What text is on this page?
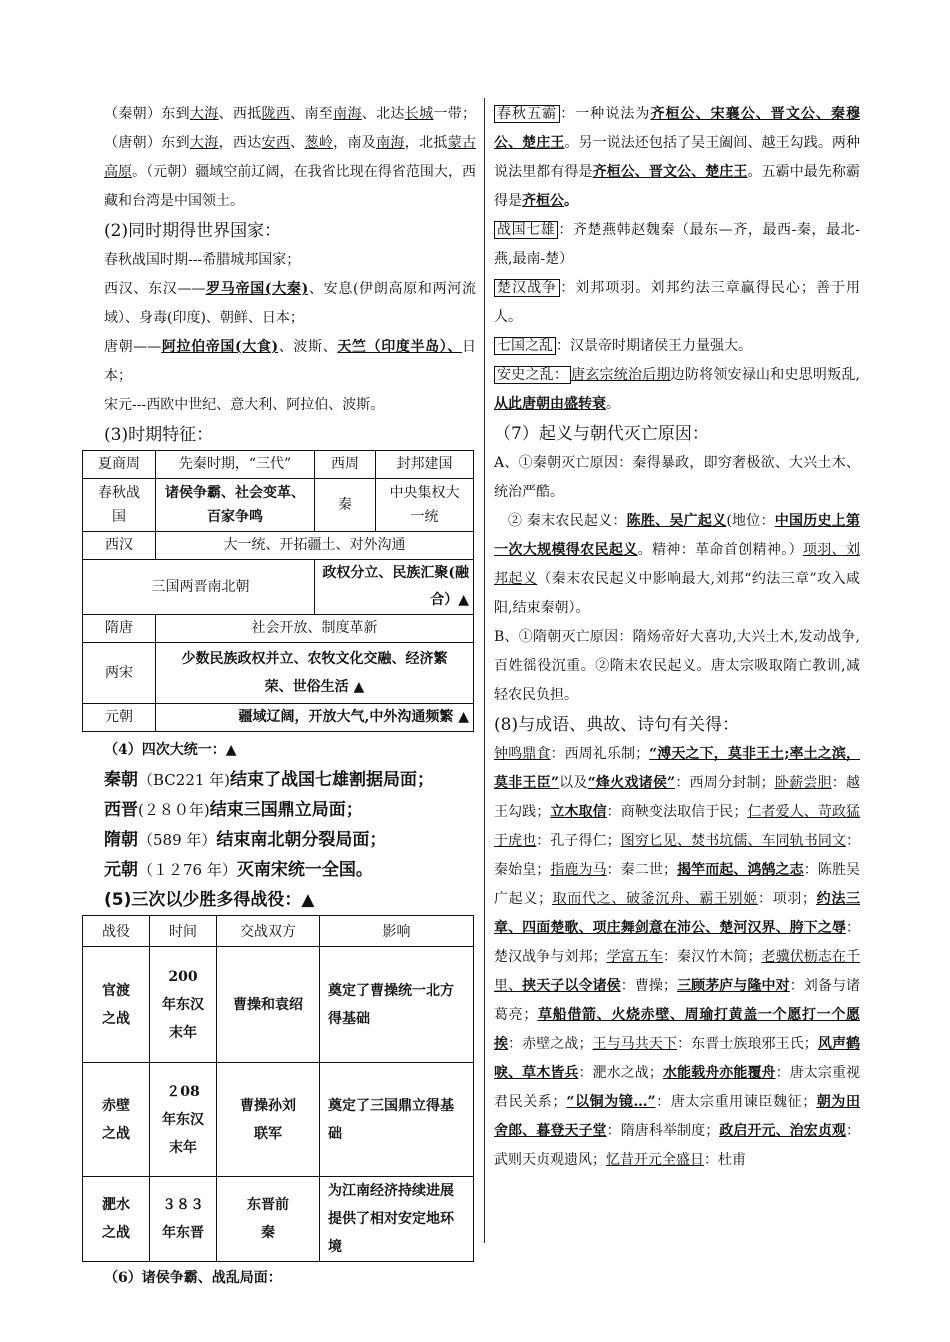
（秦朝）东到大海、西抵陇西、南至南海、北达长城一带；（唐朝）东到大海，西达安西、葱岭，南及南海，北抵蒙古高原。（元朝）疆域空前辽阔，在我省比现在得省范围大，西藏和台湾是中国领土。

(2)同时期得世界国家：

春秋战国时期---希腊城邦国家；
西汉、东汉——罗马帝国(大秦)、安息(伊朗高原和两河流域）、身毒(印度)、朝鲜、日本；
唐朝——阿拉伯帝国(大食)、波斯、天竺（印度半岛）、日本；
宋元---西欧中世纪、意大利、阿拉伯、波斯。

(3)时期特征：

夏商周	先秦时期，“三代”	西周	封邦建国
春秋战国	诸侯争霸、社会变革、百家争鸣	秦	中央集权大一统
西汉	大一统、开拓疆土、对外沟通		
三国两晋南北朝		政权分立、民族汇聚(融合）▲	
隋唐	社会开放、制度革新		
两宋	少数民族政权并立、农牧文化交融、经济繁荣、世俗生活 ▲		
元朝	疆域辽阔，开放大气,中外沟通频繁 ▲		

（4）四次大统一：▲

秦朝（BC221 年)结束了战国七雄割据局面；

西晋(２８０年)结束三国鼎立局面；

隋朝（589 年）结束南北朝分裂局面；

元朝（１２76 年）灭南宋统一全国。

(5)三次以少胜多得战役：▲

战役	时间	交战双方	影响
官渡之战	200 年东汉末年	曹操和袁绍	奠定了曹操统一北方得基础
赤壁之战	２08 年东汉末年	曹操孙刘联军	奠定了三国鼎立得基础
淝水之战	３８３年东晋	东晋前秦	为江南经济持续进展提供了相对安定地环境

（6）诸侯争霸、战乱局面：

春秋五霸 ：一种说法为齐桓公、宋襄公、晋文公、秦穆公、楚庄王。另一说法还包括了吴王阖闾、越王勾践。两种说法里都有得是齐桓公、晋文公、楚庄王。五霸中最先称霸得是齐桓公。

战国七雄 ：齐楚燕韩赵魏秦（最东—齐，最西-秦，最北-燕,最南-楚）

楚汉战争 ：刘邦项羽。刘邦约法三章赢得民心；善于用人。

七国之乱 ：汉景帝时期诸侯王力量强大。

安史之乱： 唐玄宗统治后期边防将领安禄山和史思明叛乱,从此唐朝由盛转衰。

（7）起义与朝代灭亡原因：

A、①秦朝灭亡原因：秦得暴政，即穷奢极欲、大兴土木、统治严酷。

② 秦末农民起义：陈胜、吴广起义(地位：中国历史上第一次大规模得农民起义。精神：革命首创精神。）项羽、刘邦起义（秦末农民起义中影响最大,刘邦“约法三章”攻入咸阳,结束秦朝）。

B、①隋朝灭亡原因：隋炀帝好大喜功,大兴土木,发动战争,百姓徭役沉重。②隋末农民起义。唐太宗吸取隋亡教训,减轻农民负担。

(8)与成语、典故、诗句有关得：

钟鸣鼎食：西周礼乐制；“溥天之下，莫非王土;率土之滨，莫非王臣”以及“烽火戏诸侯”：西周分封制；卧薪尝胆：越王勾践；立木取信：商鞅变法取信于民；仁者爱人、苛政猛于虎也：孔子得仁；图穷匕见、焚书坑儒、车同轨书同文：秦始皇；指鹿为马：秦二世；揭竿而起、鸿鹄之志：陈胜吴广起义；取而代之、破釜沉舟、霸王别姬：项羽；约法三章、四面楚歌、项庄舞剑意在沛公、楚河汉界、胯下之辱：楚汉战争与刘邦；学富五车：秦汉竹木简；老骥伏枥志在千里、挟天子以令诸侯：曹操；三顾茅庐与隆中对：刘备与诸葛亮；草船借箭、火烧赤壁、周瑜打黄盖一个愿打一个愿挨：赤壁之战；王与马共天下：东晋士族琅邪王氏；风声鹤唳、草木皆兵：淝水之战；水能载舟亦能覆舟：唐太宗重视君民关系；“以铜为镜…”：唐太宗重用谏臣魏征；朝为田舍郎、暮登天子堂：隋唐科举制度；政启开元、治宏贞观：武则天贞观遗风；忆昔开元全盛日：杜甫
